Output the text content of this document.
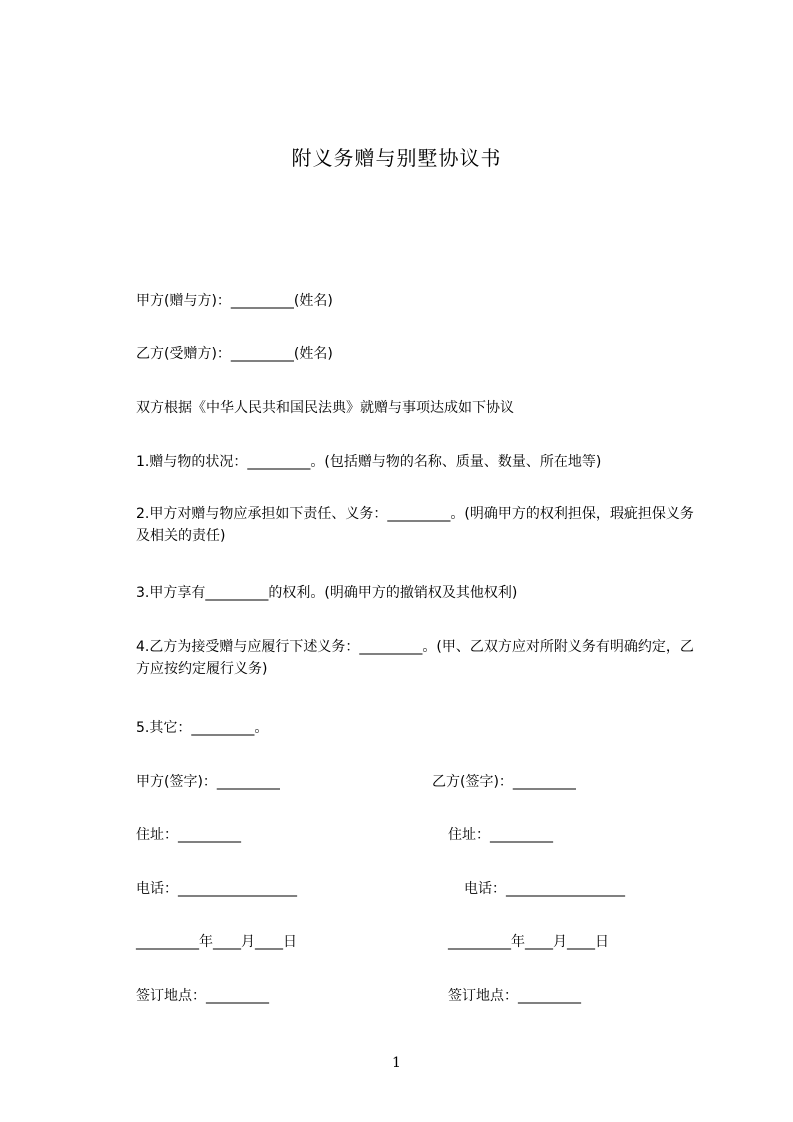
附义务赠与别墅协议书
甲方(赠与方)：_________(姓名)
乙方(受赠方)：_________(姓名)
双方根据《中华人民共和国民法典》就赠与事项达成如下协议
1.赠与物的状况：_________。(包括赠与物的名称、质量、数量、所在地等)
2.甲方对赠与物应承担如下责任、义务：_________。(明确甲方的权利担保，瑕疵担保义务及相关的责任)
3.甲方享有_________的权利。(明确甲方的撤销权及其他权利)
4.乙方为接受赠与应履行下述义务：_________。(甲、乙双方应对所附义务有明确约定，乙方应按约定履行义务)
5.其它：_________。
甲方(签字)：_________
住址：_________
电话：_________________
_________年____月____日
签订地点：_________
乙方(签字)：_________
住址：_________
电话：_________________
_________年____月____日
签订地点：_________
1
